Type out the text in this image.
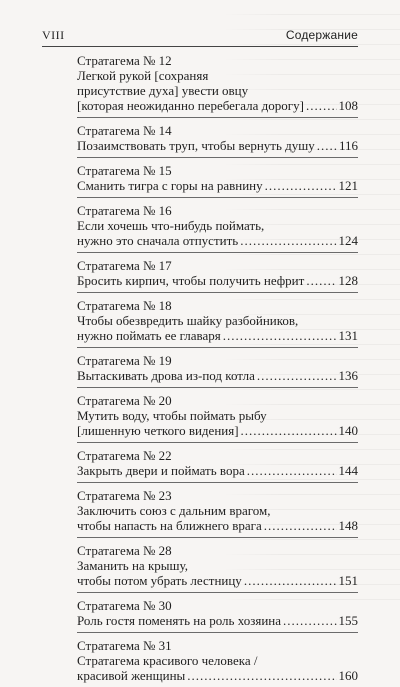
VIII	Содержание
Стратагема № 12
Легкой рукой [сохраняя
присутствие духа] увести овцу
[которая неожиданно перебегала дорогу] .....	108
Стратагема № 14
Позаимствовать труп, чтобы вернуть душу ..... 116
Стратагема № 15
Сманить тигра с горы на равнину .....	121
Стратагема № 16
Если хочешь что-нибудь поймать,
нужно это сначала отпустить .....	124
Стратагема № 17
Бросить кирпич, чтобы получить нефрит .....	128
Стратагема № 18
Чтобы обезвредить шайку разбойников,
нужно поймать ее главаря .....	131
Стратагема № 19
Вытаскивать дрова из-под котла .....	136
Стратагема № 20
Мутить воду, чтобы поймать рыбу
[лишенную четкого видения] .....	140
Стратагема № 22
Закрыть двери и поймать вора .....	144
Стратагема № 23
Заключить союз с дальним врагом,
чтобы напасть на ближнего врага .....	148
Стратагема № 28
Заманить на крышу,
чтобы потом убрать лестницу .....	151
Стратагема № 30
Роль гостя поменять на роль хозяина .....	155
Стратагема № 31
Стратагема красивого человека /
красивой женщины .....	160
